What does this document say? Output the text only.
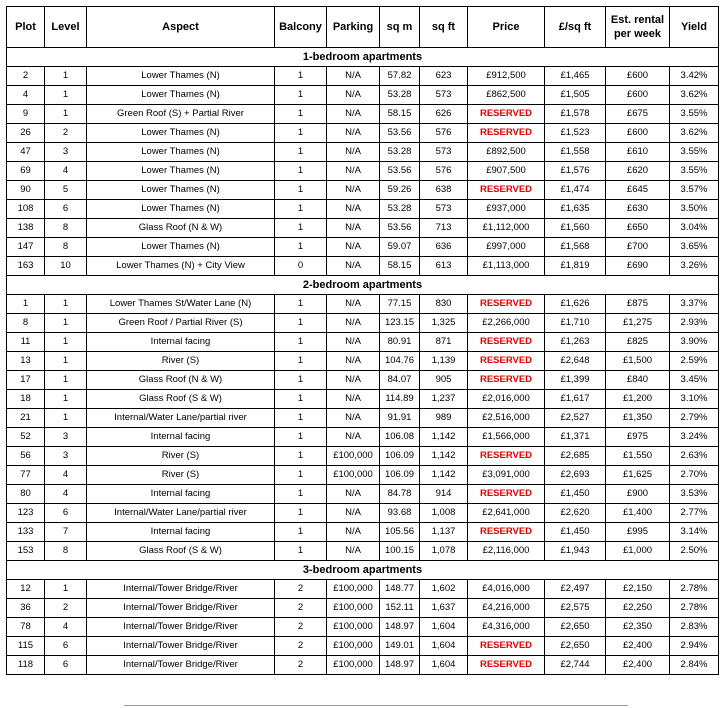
Plot	Level	Aspect	Balcony	Parking	sq m	sq ft	Price	£/sq ft	Est. rental per week	Yield
1-bedroom apartments										
2	1	Lower Thames (N)	1	N/A	57.82	623	£912,500	£1,465	£600	3.42%
4	1	Lower Thames (N)	1	N/A	53.28	573	£862,500	£1,505	£600	3.62%
9	1	Green Roof (S) + Partial River	1	N/A	58.15	626	RESERVED	£1,578	£675	3.55%
26	2	Lower Thames (N)	1	N/A	53.56	576	RESERVED	£1,523	£600	3.62%
47	3	Lower Thames (N)	1	N/A	53.28	573	£892,500	£1,558	£610	3.55%
69	4	Lower Thames (N)	1	N/A	53.56	576	£907,500	£1,576	£620	3.55%
90	5	Lower Thames (N)	1	N/A	59.26	638	RESERVED	£1,474	£645	3.57%
108	6	Lower Thames (N)	1	N/A	53.28	573	£937,000	£1,635	£630	3.50%
138	8	Glass Roof (N & W)	1	N/A	53.56	713	£1,112,000	£1,560	£650	3.04%
147	8	Lower Thames (N)	1	N/A	59.07	636	£997,000	£1,568	£700	3.65%
163	10	Lower Thames (N) + City View	0	N/A	58.15	613	£1,113,000	£1,819	£690	3.26%
2-bedroom apartments										
1	1	Lower Thames St/Water Lane (N)	1	N/A	77.15	830	RESERVED	£1,626	£875	3.37%
8	1	Green Roof / Partial River (S)	1	N/A	123.15	1,325	£2,266,000	£1,710	£1,275	2.93%
11	1	Internal facing	1	N/A	80.91	871	RESERVED	£1,263	£825	3.90%
13	1	River (S)	1	N/A	104.76	1,139	RESERVED	£2,648	£1,500	2.59%
17	1	Glass Roof (N & W)	1	N/A	84.07	905	RESERVED	£1,399	£840	3.45%
18	1	Glass Roof (S & W)	1	N/A	114.89	1,237	£2,016,000	£1,617	£1,200	3.10%
21	1	Internal/Water Lane/partial river	1	N/A	91.91	989	£2,516,000	£2,527	£1,350	2.79%
52	3	Internal facing	1	N/A	106.08	1,142	£1,566,000	£1,371	£975	3.24%
56	3	River (S)	1	£100,000	106.09	1,142	RESERVED	£2,685	£1,550	2.63%
77	4	River (S)	1	£100,000	106.09	1,142	£3,091,000	£2,693	£1,625	2.70%
80	4	Internal facing	1	N/A	84.78	914	RESERVED	£1,450	£900	3.53%
123	6	Internal/Water Lane/partial river	1	N/A	93.68	1,008	£2,641,000	£2,620	£1,400	2.77%
133	7	Internal facing	1	N/A	105.56	1,137	RESERVED	£1,450	£995	3.14%
153	8	Glass Roof (S & W)	1	N/A	100.15	1,078	£2,116,000	£1,943	£1,000	2.50%
3-bedroom apartments										
12	1	Internal/Tower Bridge/River	2	£100,000	148.77	1,602	£4,016,000	£2,497	£2,150	2.78%
36	2	Internal/Tower Bridge/River	2	£100,000	152.11	1,637	£4,216,000	£2,575	£2,250	2.78%
78	4	Internal/Tower Bridge/River	2	£100,000	148.97	1,604	£4,316,000	£2,650	£2,350	2.83%
115	6	Internal/Tower Bridge/River	2	£100,000	149.01	1,604	RESERVED	£2,650	£2,400	2.94%
118	6	Internal/Tower Bridge/River	2	£100,000	148.97	1,604	RESERVED	£2,744	£2,400	2.84%
